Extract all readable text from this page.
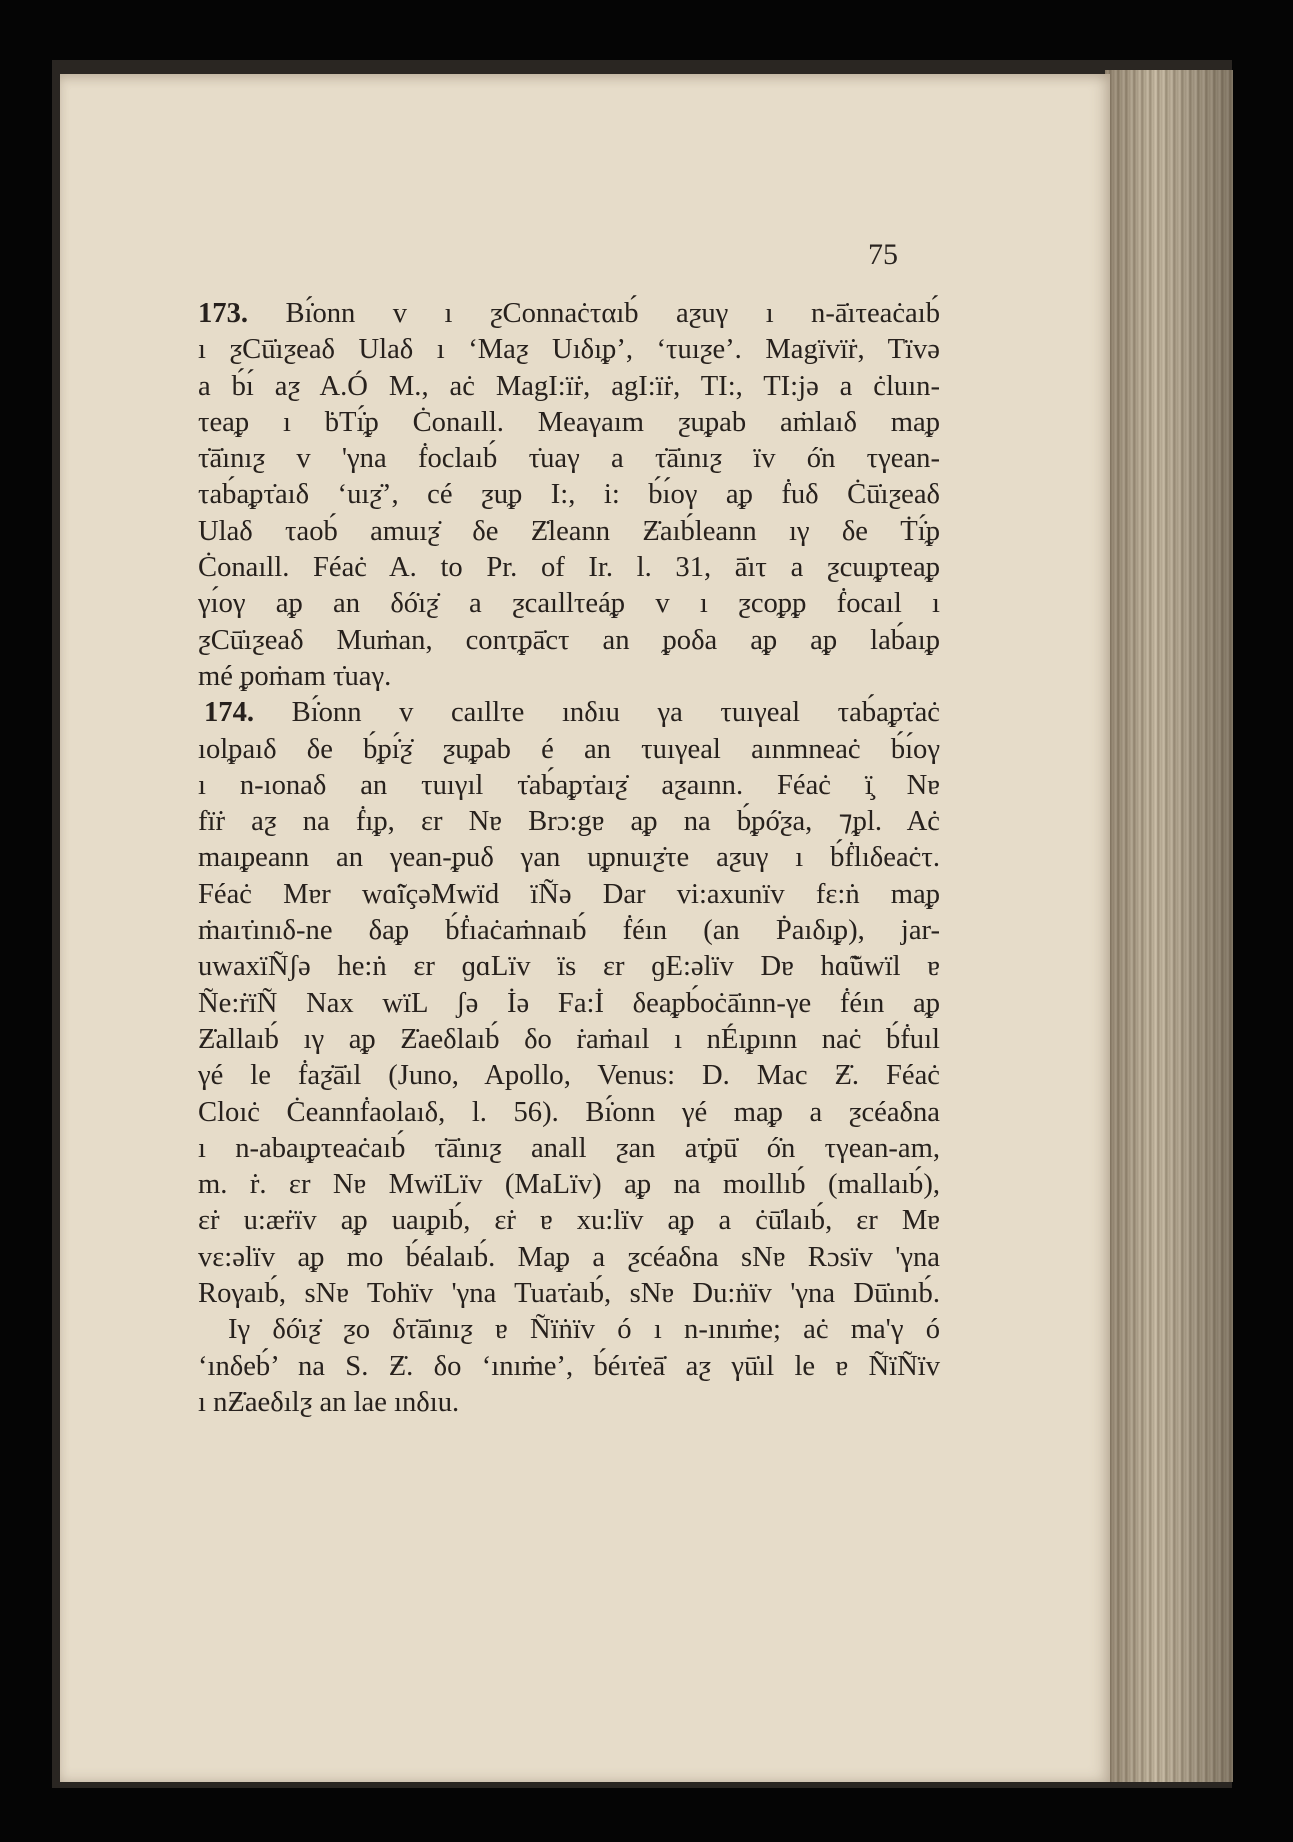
75
173. Bı̇́onn v ı ƺConnaċταıb́ aƺuγ ı n-ā̇ıτeaċaıb́
ı ƺCū̇ıƺeaδ Ulaδ ı ‘Maƺ Uıδıᵱ’, ‘τuıƺe’. Magïvïṙ, Tïvə
a b́ı́ aƺ A.Ó M., aċ MagI:ïṙ, agI:ïṙ, TI:, TI:jə a ċluın-
τeaᵱ ı ḃTı̇́ᵱ Ċonaıll. Meaγaım ƺuᵱab aṁlaıδ maᵱ
τ̇ā̇ınıƺ v 'γna ḟoclaıb́ τ̇uaγ a τ̇ā̇ınıƺ ïv ó̇n τγean-
τab́aᵱτ̇aıδ ‘uıƺ̇’, cé ƺuᵱ I:, i: b́ı́oγ aᵱ ḟuδ Ċū̇ıƺeaδ
Ulaδ τaob́ amuıƺ̇ δe Ƶ̇leann Ƶ̇aıb́leann ıγ δe Ṫı̇́ᵱ
Ċonaıll. Féaċ A. to Pr. of Ir. l. 31, ā̇ıτ a ƺcuıᵱτeaᵱ
γı́oγ aᵱ an δó̇ıƺ̇ a ƺcaıllτeáᵱ v ı ƺcoᵱᵱ ḟocaıl ı
ƺCū̇ıƺeaδ Muṁan, conτᵱā̇cτ an ᵱoδa aᵱ aᵱ lab́aıᵱ
mé ᵱoṁam τ̇uaγ.
174. Bı̇́onn v caıllτe ınδıu γa τuıγeal τab́aᵱτ̇aċ
ıolᵱaıδ δe b́ᵱı̇́ƺ̇ ƺuᵱab é an τuıγeal aınmneaċ b́ı́oγ
ı n-ıonaδ an τuıγıl τ̇ab́aᵱτ̇aıƺ̇ aƺaınn. Féaċ ï̧ Nɐ
fïṙ aƺ na ḟıᵱ, ɛr Nɐ Brɔ:gɐ aᵱ na b́ᵱó̇ƺa, ⁊ᵱl. Aċ
maıᵱeann an γean-ᵱuδ γan uᵱnuıƺ̇τe aƺuγ ı b́ḟlıδeaċτ.
Féaċ Mɐr wɑ̃ïçəMwïd ïÑə Dar vi:axunïv fɛ:ṅ maᵱ
ṁaıτ̇ınıδ-ne δaᵱ b́ḟıaċaṁnaıb́ ḟéın (an Ṗaıδıᵱ), jar-
uwaxïÑʃə he:ṅ ɛr ɡɑLïv ïs ɛr ɡE:əlïv Dɐ hɑ̃ũwïl ɐ
Ñe:ṙïÑ Nax wïL ʃə İə Fa:İ δeaᵱb́oċā̇ınn-γe ḟéın aᵱ
Ƶ̇allaıb́ ıγ aᵱ Ƶ̇aeδlaıb́ δo ṙaṁaıl ı nÉıᵱınn naċ b́ḟuıl
γé le ḟaƺ̇ā̇ıl (Juno, Apollo, Venus: D. Mac Ƶ̇. Féaċ
Cloıċ Ċeannḟaolaıδ, l. 56). Bı̇́onn γé maᵱ a ƺcéaδna
ı n-abaıᵱτeaċaıb́ τ̇ā̇ınıƺ anall ƺan aτ̇ᵱū̇ ó̇n τγean-am,
m. ṙ. ɛr Nɐ MwïLïv (MaLïv) aᵱ na moıllıb́ (mallaıb́),
ɛṙ u:æṙïv aᵱ uaıᵱıb́, ɛṙ ɐ xu:lïv aᵱ a ċū̇laıb́, ɛr Mɐ
vɛ:əlïv aᵱ mo b́éalaıb́. Maᵱ a ƺcéaδna sNɐ Rɔsïv 'γna
Roγaıb́, sNɐ Tohïv 'γna Tuaτ̇aıb́, sNɐ Du:ṅïv 'γna Dū̇ınıb́.
Iγ δó̇ıƺ̇ ƺo δτ̇ā̇ınıƺ ɐ Ñïṅïv ó ı n-ınıṁe; aċ ma'γ ó
‘ınδeb́’ na S. Ƶ̇. δo ‘ınıṁe’, b́éıτ̇eā̇ aƺ γū̇ıl le ɐ ÑïÑïv
ı nƵ̇aeδılƺ an lae ınδıu.
